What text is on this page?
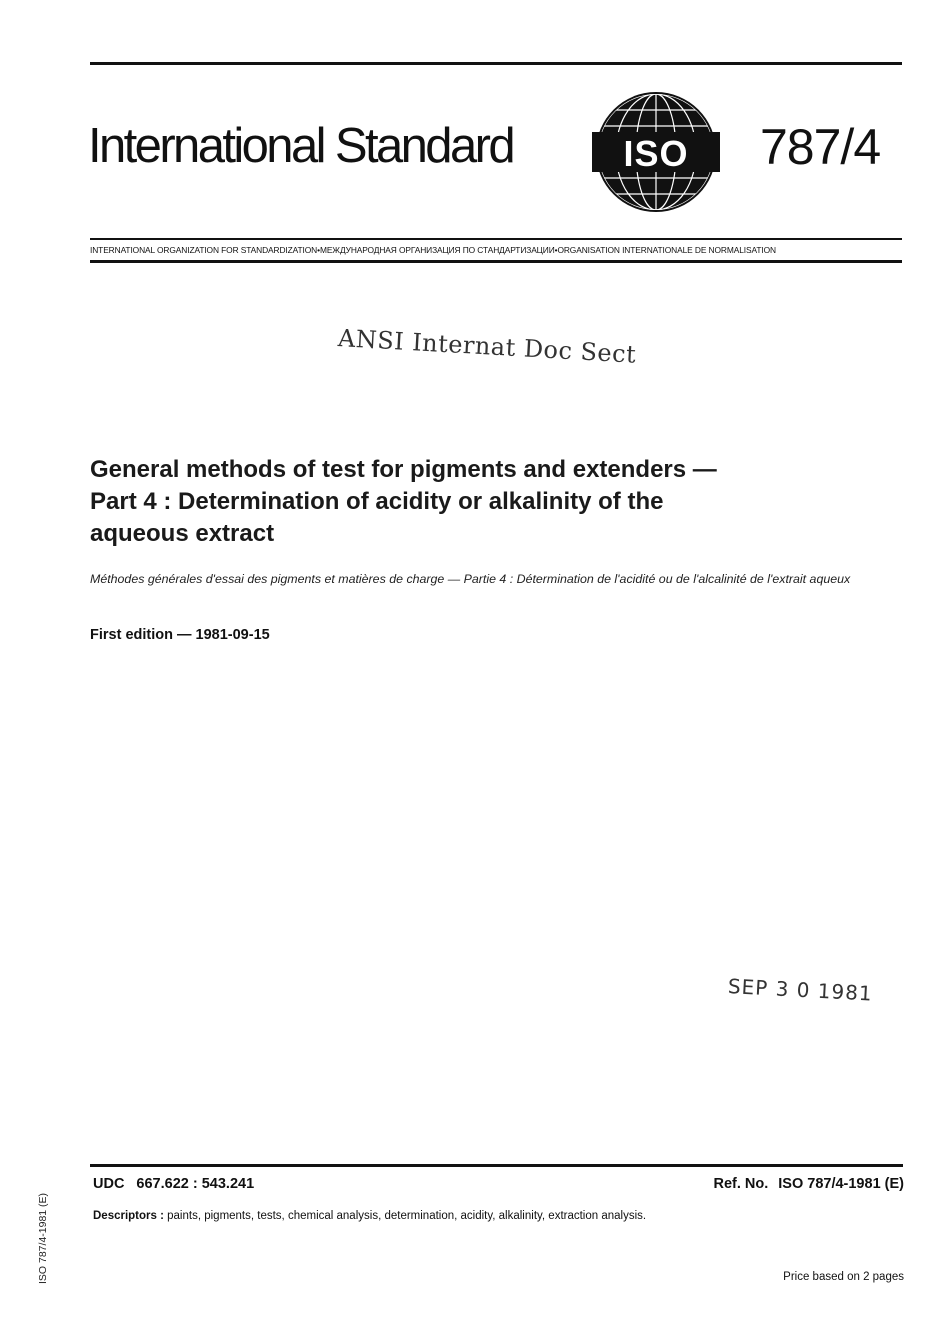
International Standard	ISO 787/4
INTERNATIONAL ORGANIZATION FOR STANDARDIZATION•МЕЖДУНАРОДНАЯ ОРГАНИЗАЦИЯ ПО СТАНДАРТИЗАЦИИ•ORGANISATION INTERNATIONALE DE NORMALISATION
ANSI Internat Doc Sect
General methods of test for pigments and extenders —
Part 4 : Determination of acidity or alkalinity of the
aqueous extract
Méthodes générales d'essai des pigments et matières de charge — Partie 4 : Détermination de l'acidité ou de l'alcalinité de l'extrait aqueux
First edition — 1981-09-15
SEP 3 0 1981
UDC 667.622 : 543.241	Ref. No. ISO 787/4-1981 (E)
Descriptors : paints, pigments, tests, chemical analysis, determination, acidity, alkalinity, extraction analysis.
Price based on 2 pages
ISO 787/4-1981 (E)
